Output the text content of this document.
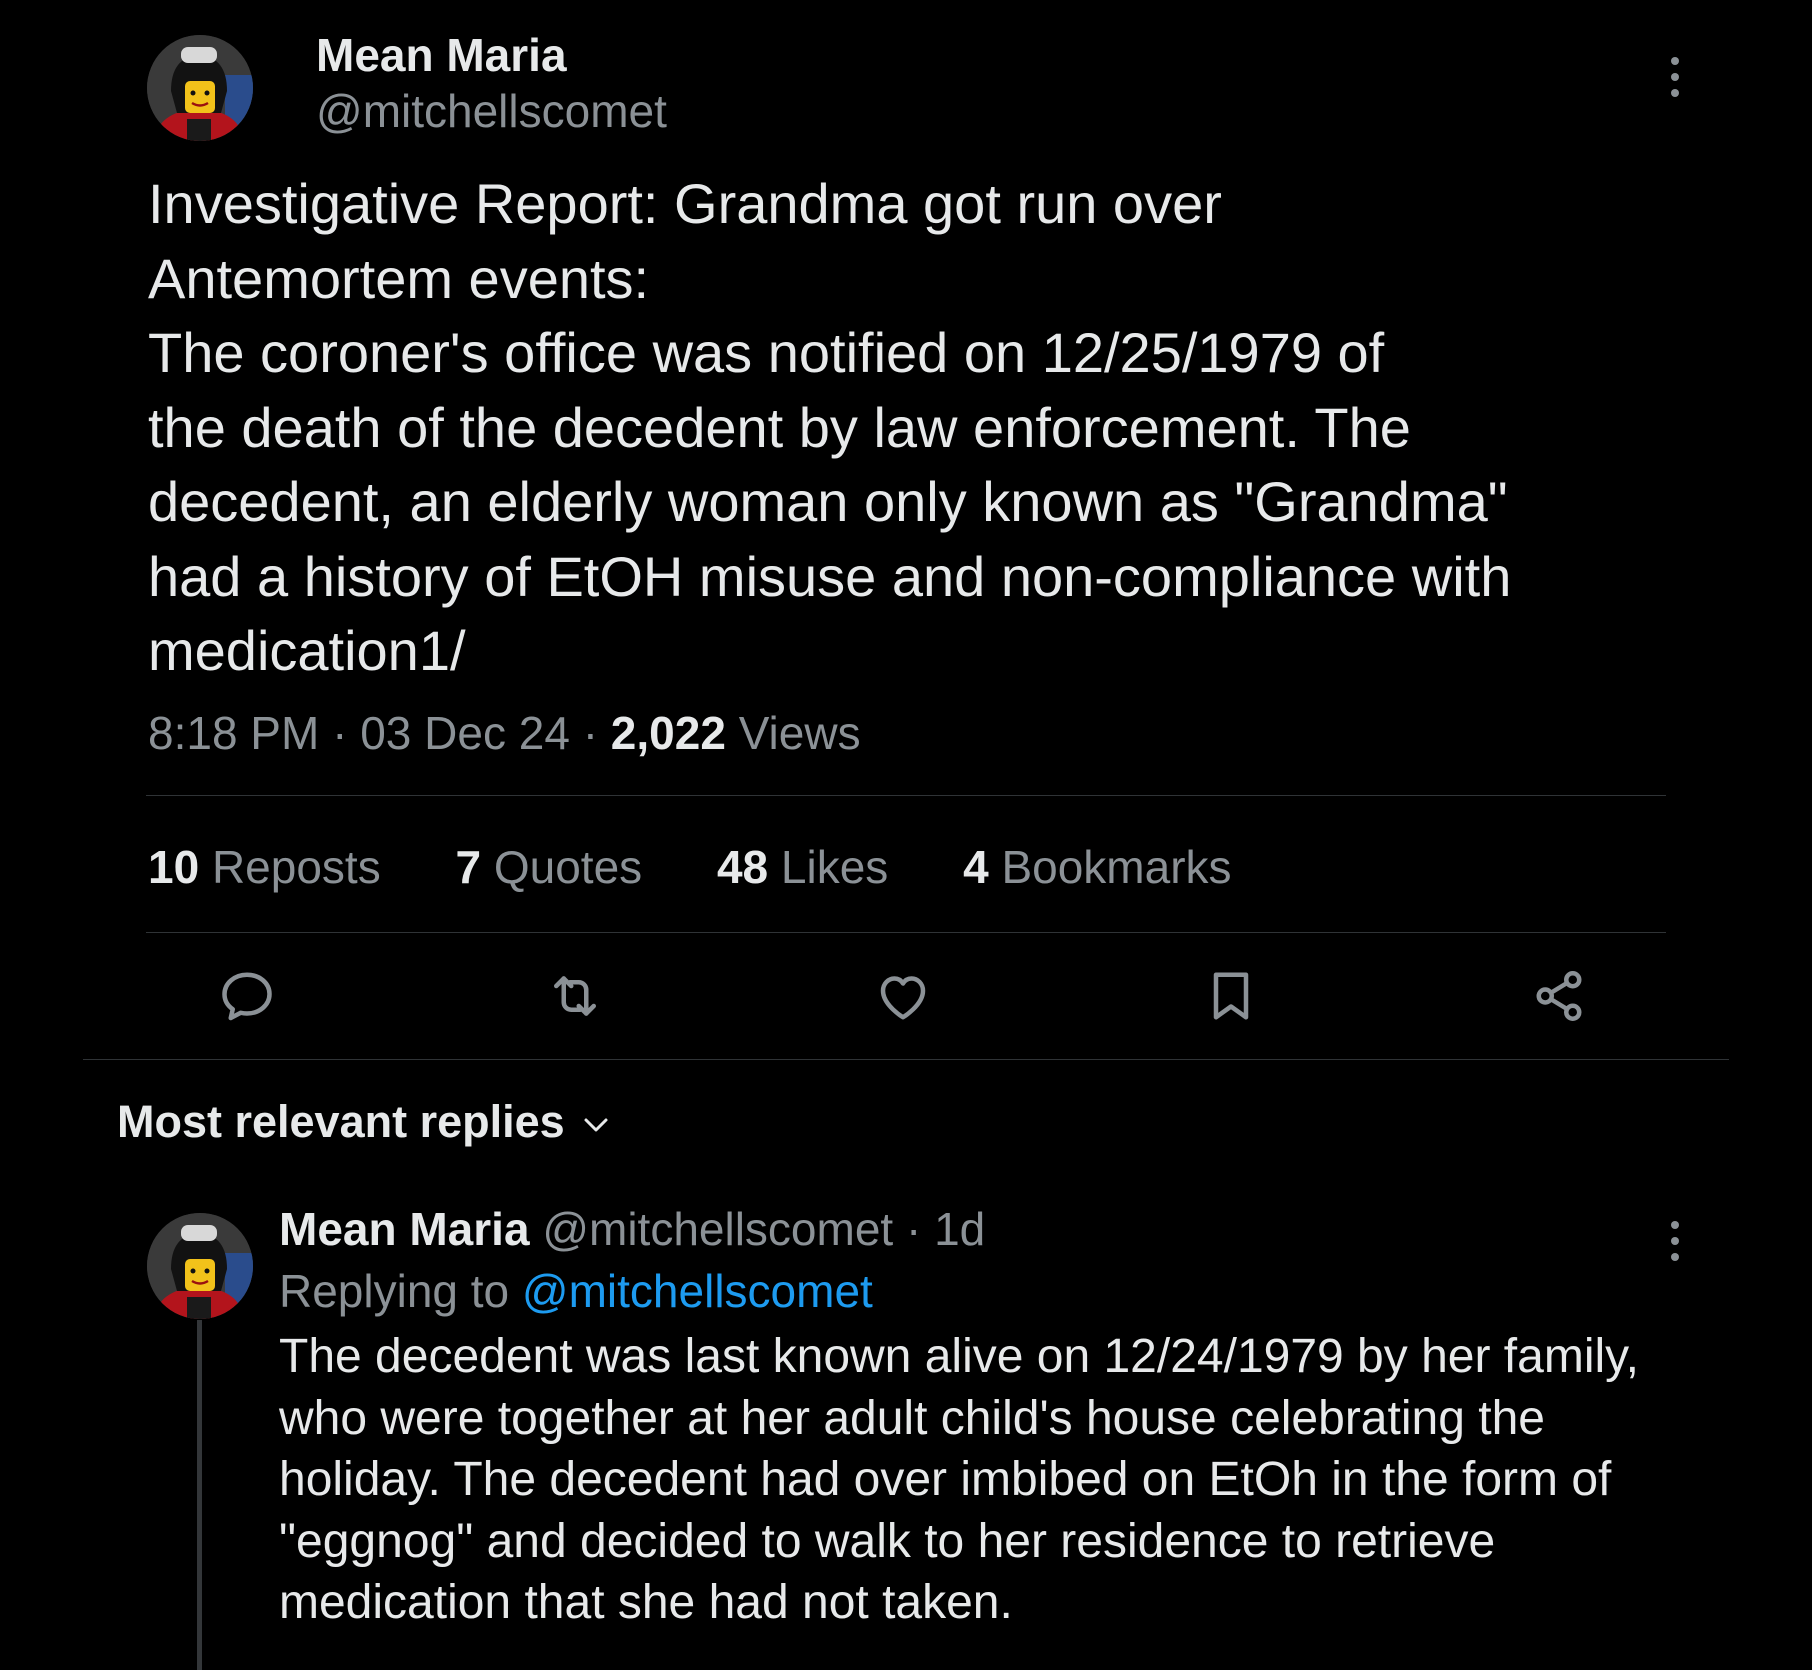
Mean Maria
@mitchellscomet
Investigative Report: Grandma got run over
Antemortem events:
The coroner's office was notified on 12/25/1979 of
the death of the decedent by law enforcement. The
decedent, an elderly woman only known as "Grandma"
had a history of EtOH misuse and non-compliance with
medication1/
8:18 PM · 03 Dec 24 · 2,022 Views
10 Reposts 7 Quotes 48 Likes 4 Bookmarks
Most relevant replies
Mean Maria @mitchellscomet · 1d
Replying to @mitchellscomet
The decedent was last known alive on 12/24/1979 by her family,
who were together at her adult child's house celebrating the
holiday. The decedent had over imbibed on EtOh in the form of
"eggnog" and decided to walk to her residence to retrieve
medication that she had not taken.
